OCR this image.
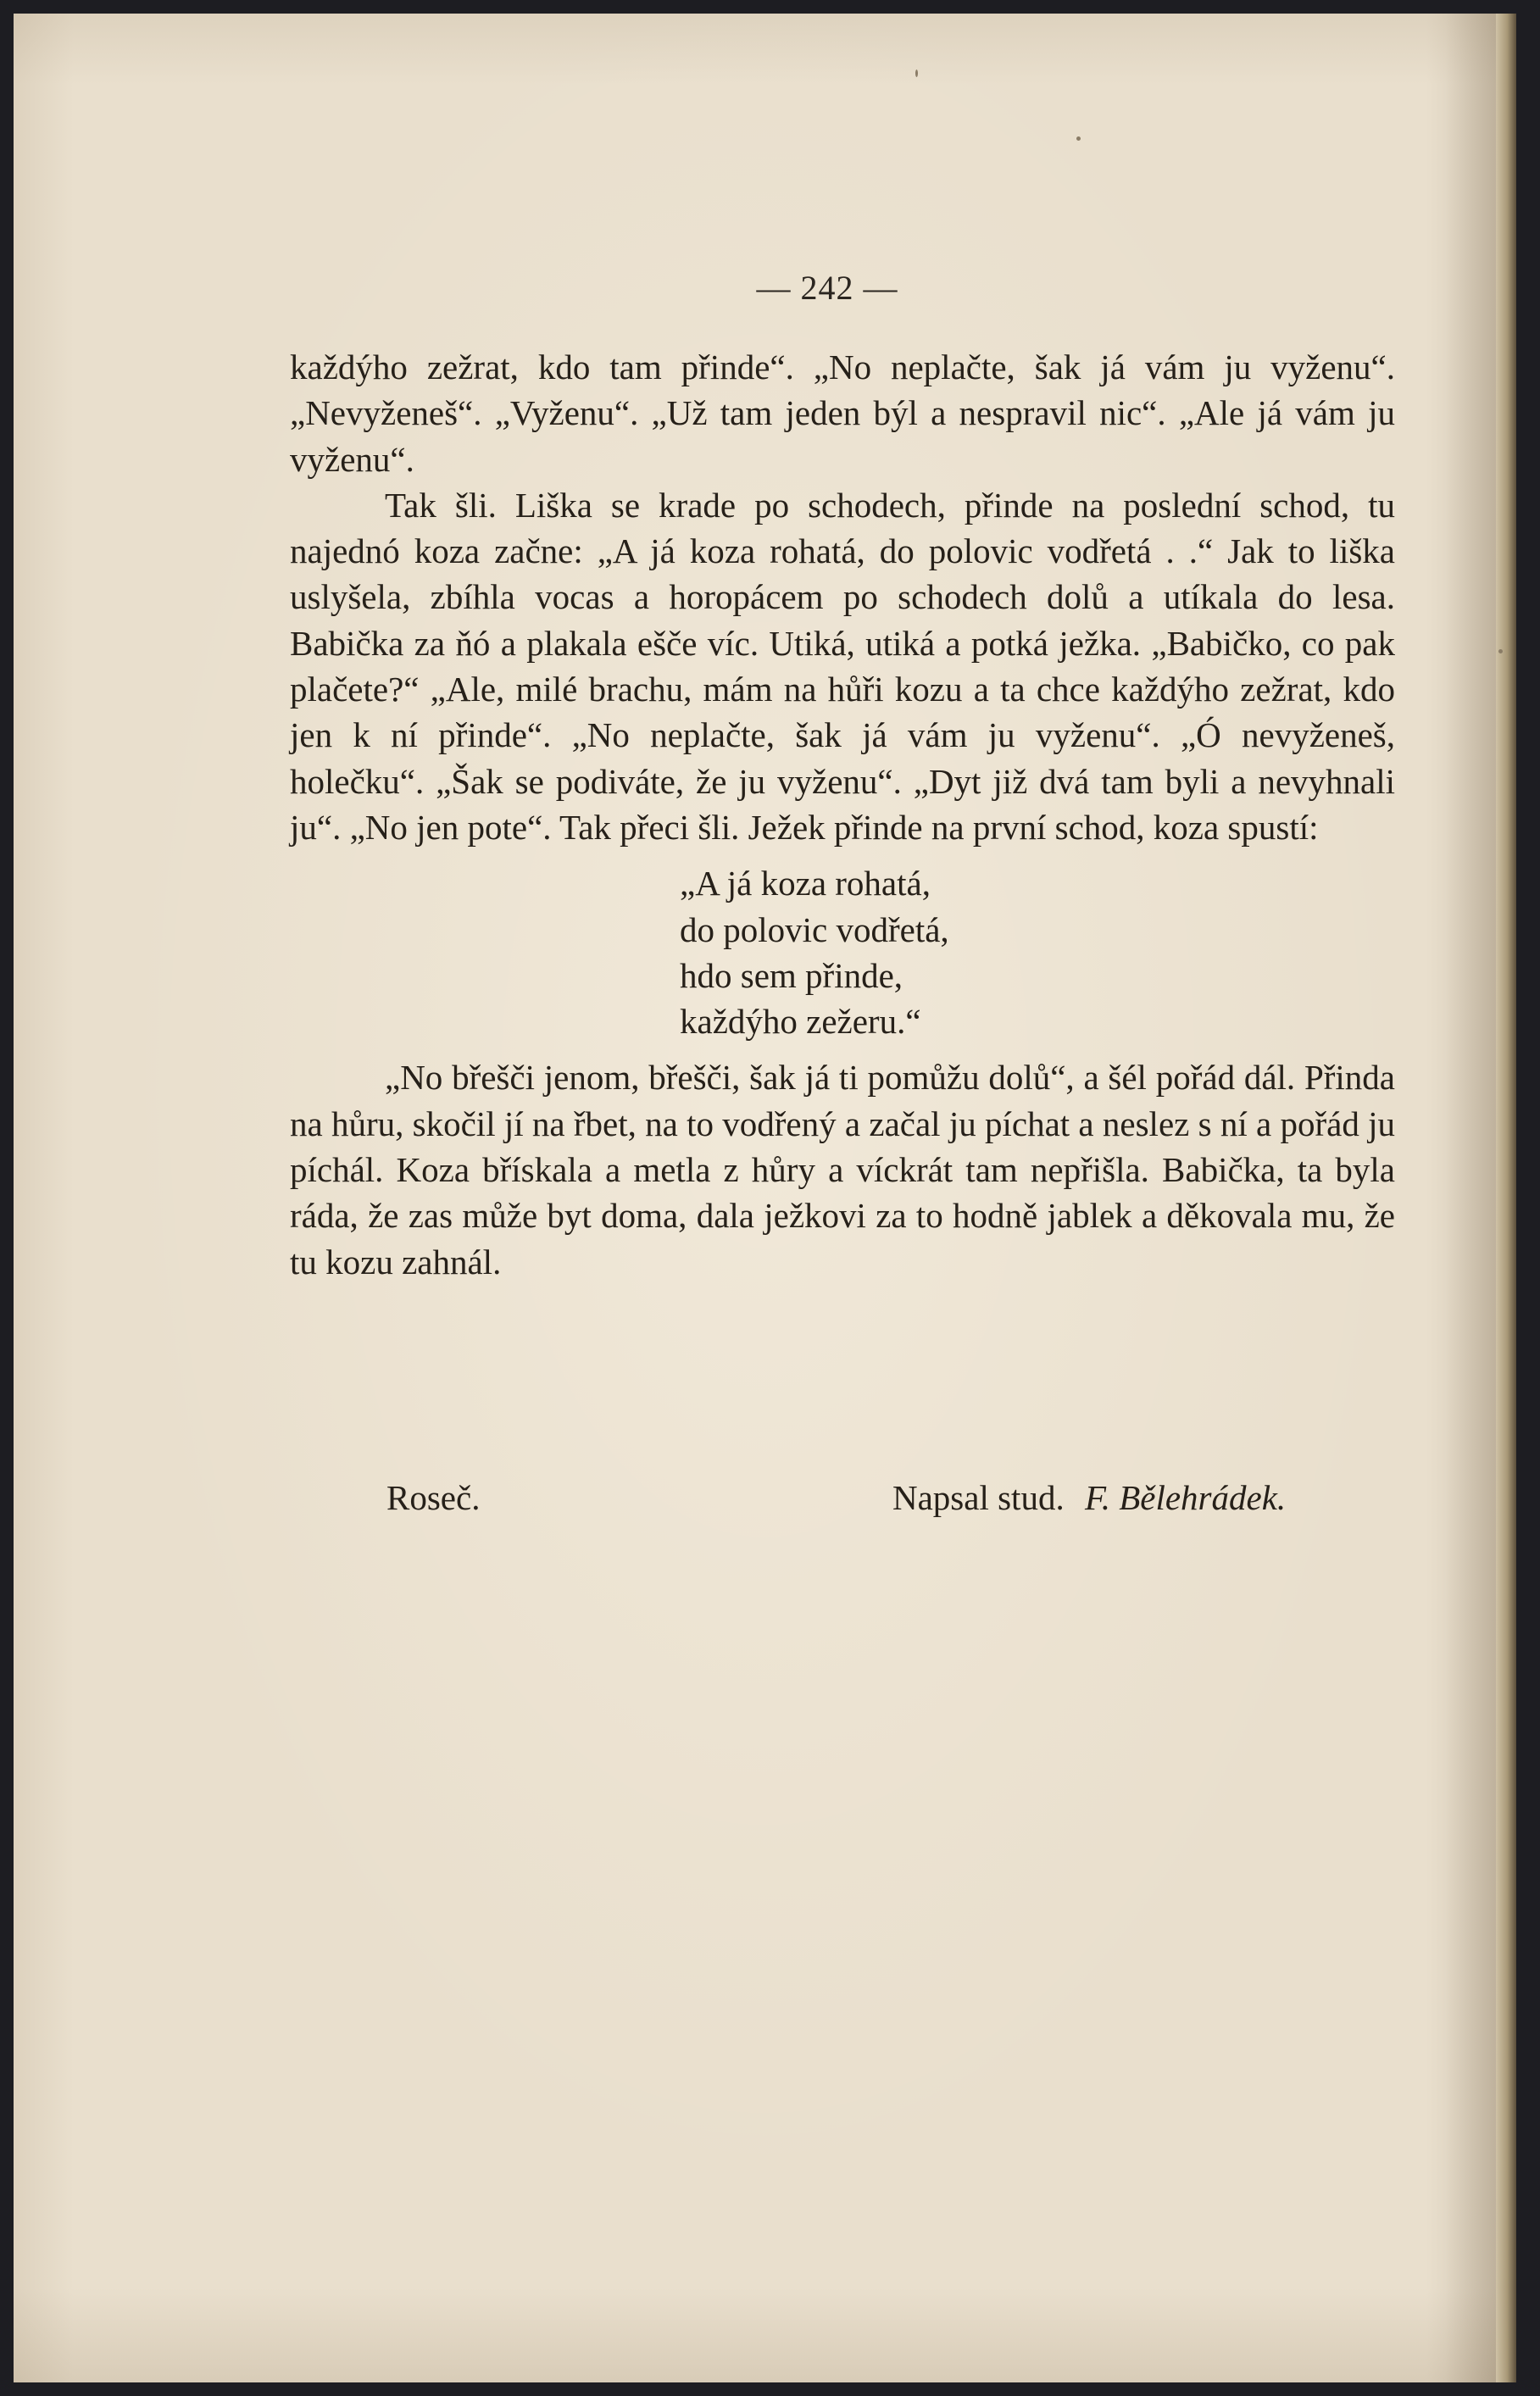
— 242 —

každýho zežrat, kdo tam přinde“. „No neplačte, šak já vám ju vyženu“. „Nevyženeš“. „Vyženu“. „Už tam jeden býl a nespravil nic“. „Ale já vám ju vyženu“.

Tak šli. Liška se krade po schodech, přinde na poslední schod, tu najednó koza začne: „A já koza rohatá, do polovic vodřetá . .“ Jak to liška uslyšela, zbíhla vocas a horopácem po schodech dolů a utíkala do lesa. Babička za ňó a plakala ešče víc. Utiká, utiká a potká ježka. „Babičko, co pak plačete?“ „Ale, milé brachu, mám na hůři kozu a ta chce každýho zežrat, kdo jen k ní přinde“. „No neplačte, šak já vám ju vyženu“. „Ó nevyženeš, holečku“. „Šak se podiváte, že ju vyženu“. „Dyt již dvá tam byli a nevyhnali ju“. „No jen pote“. Tak přeci šli. Ježek přinde na první schod, koza spustí:

„A já koza rohatá,
do polovic vodřetá,
hdo sem přinde,
každýho zežeru.“

„No břešči jenom, břešči, šak já ti pomůžu dolů“, a šél pořád dál. Přinda na hůru, skočil jí na řbet, na to vodřený a začal ju píchat a neslez s ní a pořád ju píchál. Koza břískala a metla z hůry a víckrát tam nepřišla. Babička, ta byla ráda, že zas může byt doma, dala ježkovi za to hodně jablek a děkovala mu, že tu kozu zahnál.

Roseč.	Napsal stud. F. Bělehrádek.
